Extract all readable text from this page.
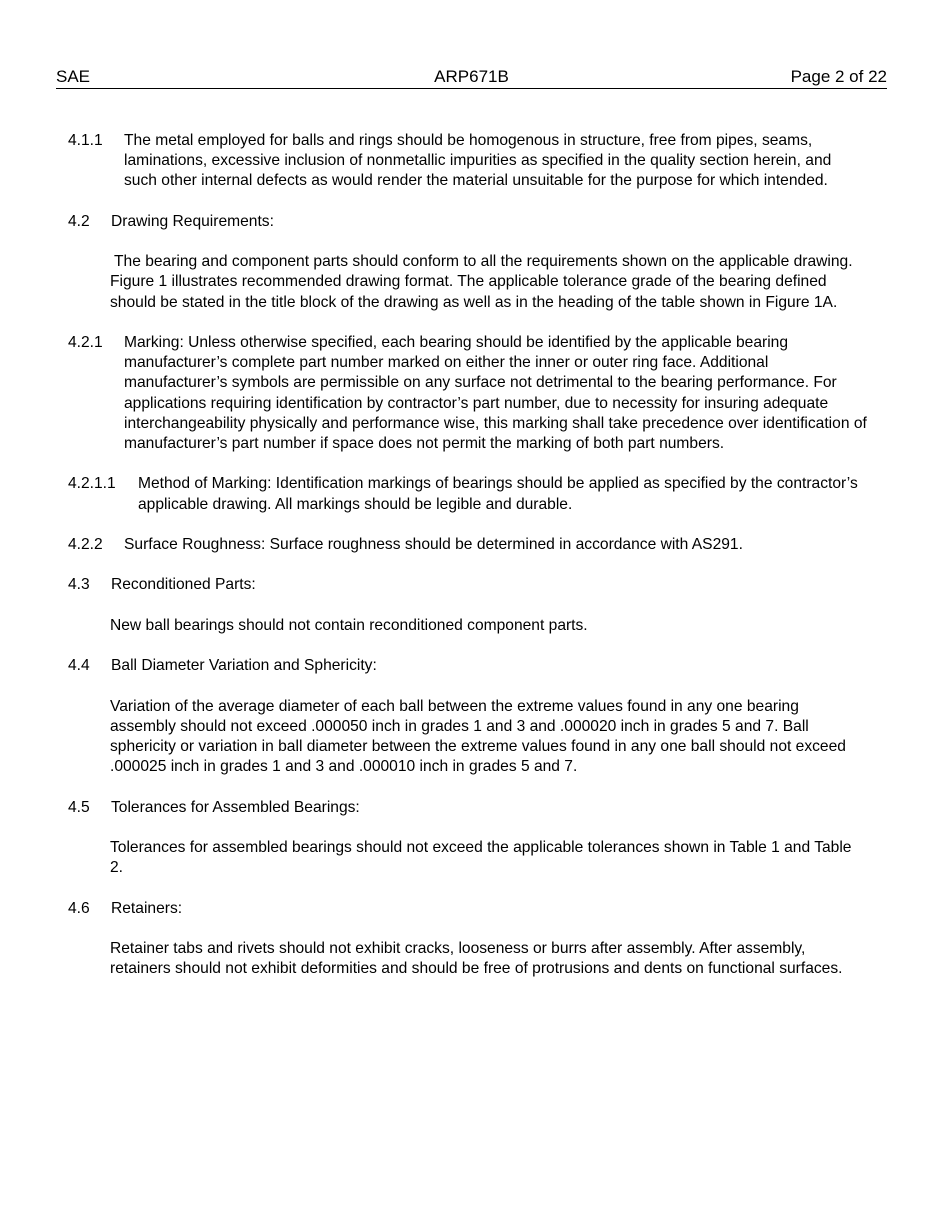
SAE	ARP671B	Page 2 of 22
4.1.1 The metal employed for balls and rings should be homogenous in structure, free from pipes, seams, laminations, excessive inclusion of nonmetallic impurities as specified in the quality section herein, and such other internal defects as would render the material unsuitable for the purpose for which intended.
4.2 Drawing Requirements:

The bearing and component parts should conform to all the requirements shown on the applicable drawing. Figure 1 illustrates recommended drawing format. The applicable tolerance grade of the bearing defined should be stated in the title block of the drawing as well as in the heading of the table shown in Figure 1A.

4.2.1 Marking: Unless otherwise specified, each bearing should be identified by the applicable bearing manufacturer’s complete part number marked on either the inner or outer ring face. Additional manufacturer’s symbols are permissible on any surface not detrimental to the bearing performance. For applications requiring identification by contractor’s part number, due to necessity for insuring adequate interchangeability physically and performance wise, this marking shall take precedence over identification of manufacturer’s part number if space does not permit the marking of both part numbers.
4.2.1.1 Method of Marking: Identification markings of bearings should be applied as specified by the contractor’s applicable drawing. All markings should be legible and durable.
4.2.2 Surface Roughness: Surface roughness should be determined in accordance with AS291.
4.3 Reconditioned Parts:

New ball bearings should not contain reconditioned component parts.

4.4 Ball Diameter Variation and Sphericity:

Variation of the average diameter of each ball between the extreme values found in any one bearing assembly should not exceed .000050 inch in grades 1 and 3 and .000020 inch in grades 5 and 7. Ball sphericity or variation in ball diameter between the extreme values found in any one ball should not exceed .000025 inch in grades 1 and 3 and .000010 inch in grades 5 and 7.

4.5 Tolerances for Assembled Bearings:

Tolerances for assembled bearings should not exceed the applicable tolerances shown in Table 1 and Table 2.

4.6 Retainers:

Retainer tabs and rivets should not exhibit cracks, looseness or burrs after assembly. After assembly, retainers should not exhibit deformities and should be free of protrusions and dents on functional surfaces.
